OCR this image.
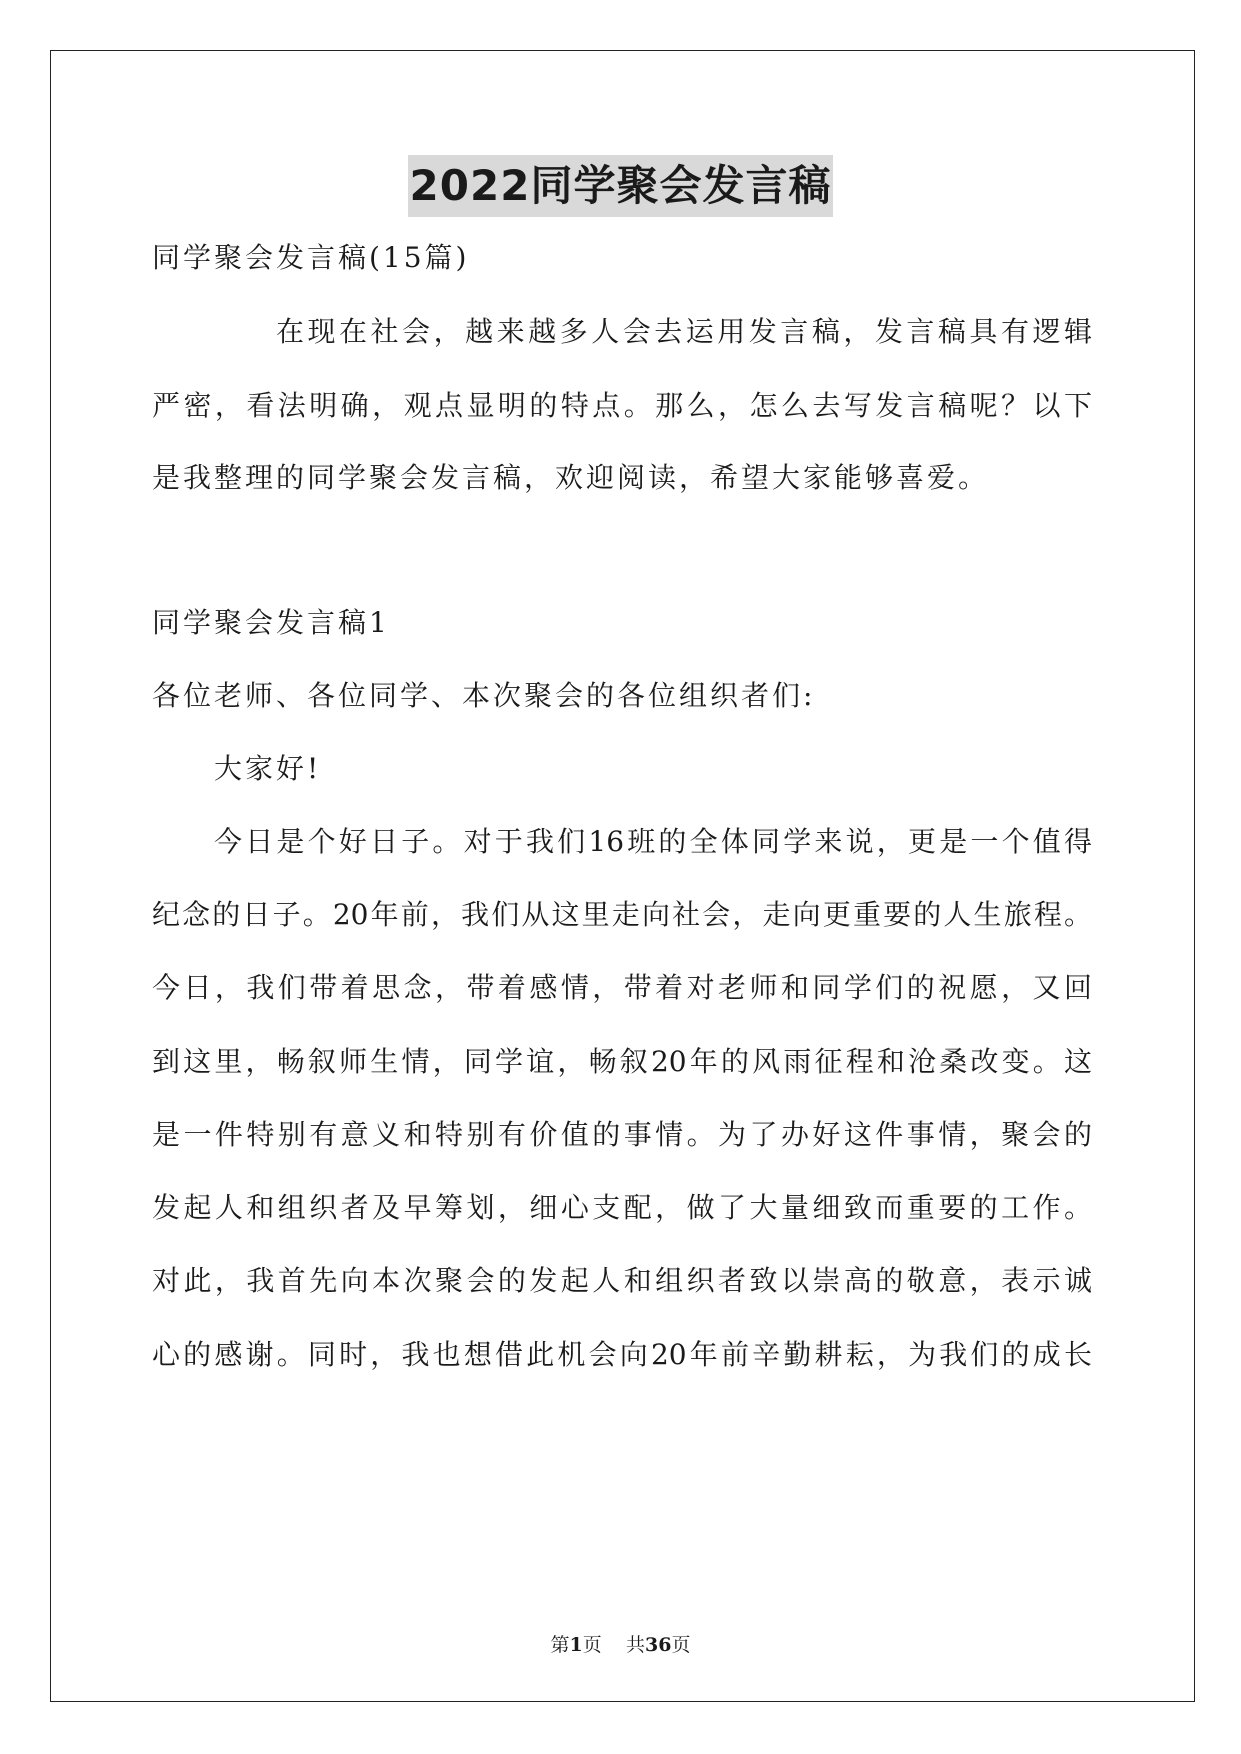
2022同学聚会发言稿
同学聚会发言稿(15篇)
在现在社会，越来越多人会去运用发言稿，发言稿具有逻辑
严密，看法明确，观点显明的特点。那么，怎么去写发言稿呢？以下
是我整理的同学聚会发言稿，欢迎阅读，希望大家能够喜爱。
同学聚会发言稿1
各位老师、各位同学、本次聚会的各位组织者们:
大家好!
今日是个好日子。对于我们16班的全体同学来说，更是一个值得
纪念的日子。20年前，我们从这里走向社会，走向更重要的人生旅程。
今日，我们带着思念，带着感情，带着对老师和同学们的祝愿，又回
到这里，畅叙师生情，同学谊，畅叙20年的风雨征程和沧桑改变。这
是一件特别有意义和特别有价值的事情。为了办好这件事情，聚会的
发起人和组织者及早筹划，细心支配，做了大量细致而重要的工作。
对此，我首先向本次聚会的发起人和组织者致以崇高的敬意，表示诚
心的感谢。同时，我也想借此机会向20年前辛勤耕耘，为我们的成长
第1页 共36页
